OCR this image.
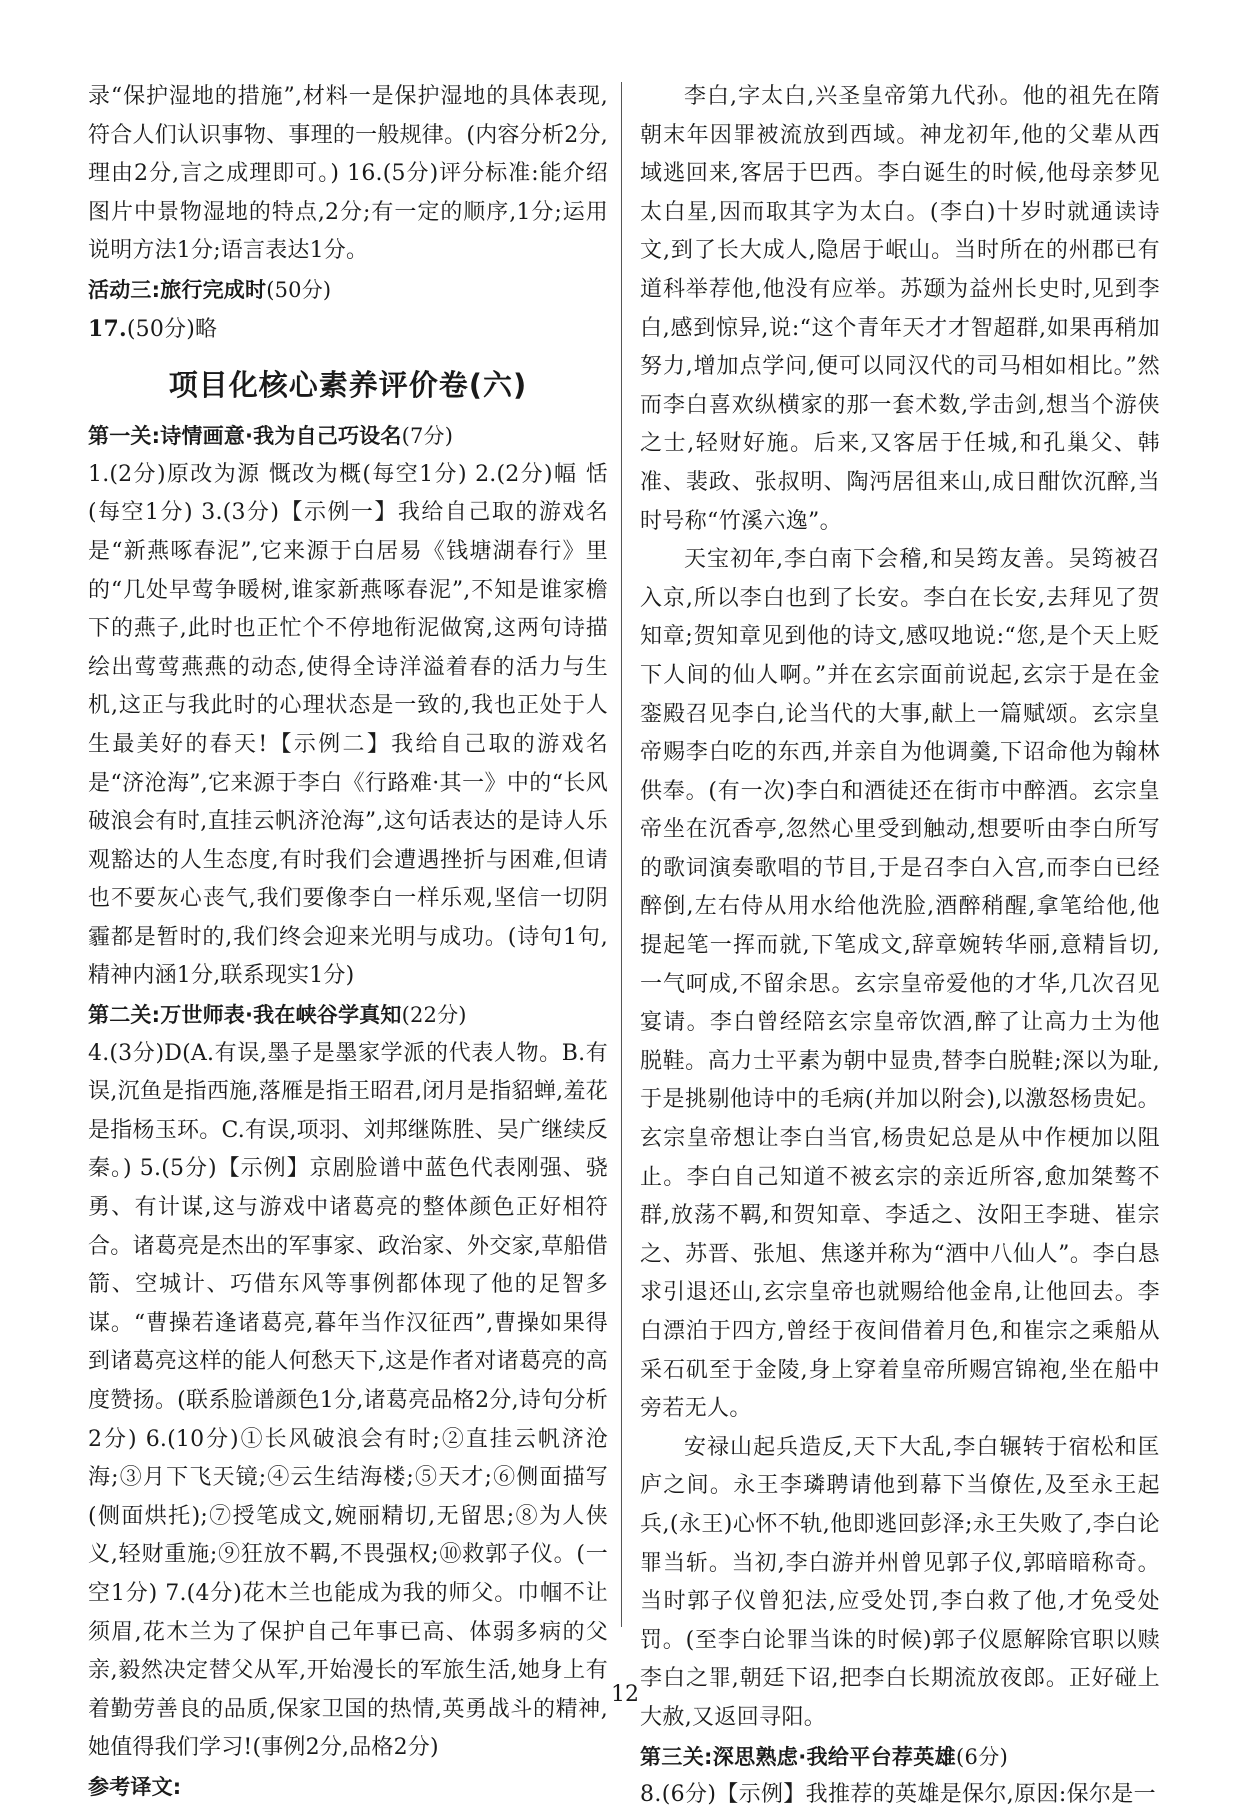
录“保护湿地的措施”,材料一是保护湿地的具体表现,符合人们认识事物、事理的一般规律。(内容分析2分,理由2分,言之成理即可。) 16.(5分)评分标准:能介绍图片中景物湿地的特点,2分;有一定的顺序,1分;运用说明方法1分;语言表达1分。

活动三:旅行完成时(50分)

17.(50分)略

项目化核心素养评价卷(六)

第一关:诗情画意·我为自己巧设名(7分)

1.(2分)原改为源 慨改为概(每空1分) 2.(2分)幅 恬(每空1分) 3.(3分)【示例一】我给自己取的游戏名是“新燕啄春泥”,它来源于白居易《钱塘湖春行》里的“几处早莺争暖树,谁家新燕啄春泥”,不知是谁家檐下的燕子,此时也正忙个不停地衔泥做窝,这两句诗描绘出莺莺燕燕的动态,使得全诗洋溢着春的活力与生机,这正与我此时的心理状态是一致的,我也正处于人生最美好的春天!【示例二】我给自己取的游戏名是“济沧海”,它来源于李白《行路难·其一》中的“长风破浪会有时,直挂云帆济沧海”,这句话表达的是诗人乐观豁达的人生态度,有时我们会遭遇挫折与困难,但请也不要灰心丧气,我们要像李白一样乐观,坚信一切阴霾都是暂时的,我们终会迎来光明与成功。(诗句1句,精神内涵1分,联系现实1分)

第二关:万世师表·我在峡谷学真知(22分)

4.(3分)D(A.有误,墨子是墨家学派的代表人物。B.有误,沉鱼是指西施,落雁是指王昭君,闭月是指貂蝉,羞花是指杨玉环。C.有误,项羽、刘邦继陈胜、吴广继续反秦。) 5.(5分)【示例】京剧脸谱中蓝色代表刚强、骁勇、有计谋,这与游戏中诸葛亮的整体颜色正好相符合。诸葛亮是杰出的军事家、政治家、外交家,草船借箭、空城计、巧借东风等事例都体现了他的足智多谋。“曹操若逢诸葛亮,暮年当作汉征西”,曹操如果得到诸葛亮这样的能人何愁天下,这是作者对诸葛亮的高度赞扬。(联系脸谱颜色1分,诸葛亮品格2分,诗句分析2分) 6.(10分)①长风破浪会有时;②直挂云帆济沧海;③月下飞天镜;④云生结海楼;⑤天才;⑥侧面描写(侧面烘托);⑦授笔成文,婉丽精切,无留思;⑧为人侠义,轻财重施;⑨狂放不羁,不畏强权;⑩救郭子仪。(一空1分) 7.(4分)花木兰也能成为我的师父。巾帼不让须眉,花木兰为了保护自己年事已高、体弱多病的父亲,毅然决定替父从军,开始漫长的军旅生活,她身上有着勤劳善良的品质,保家卫国的热情,英勇战斗的精神,她值得我们学习!(事例2分,品格2分)

参考译文:

李白,字太白,兴圣皇帝第九代孙。他的祖先在隋朝末年因罪被流放到西域。神龙初年,他的父辈从西域逃回来,客居于巴西。李白诞生的时候,他母亲梦见太白星,因而取其字为太白。(李白)十岁时就通读诗文,到了长大成人,隐居于岷山。当时所在的州郡已有道科举荐他,他没有应举。苏颋为益州长史时,见到李白,感到惊异,说:“这个青年天才才智超群,如果再稍加努力,增加点学问,便可以同汉代的司马相如相比。”然而李白喜欢纵横家的那一套术数,学击剑,想当个游侠之士,轻财好施。后来,又客居于任城,和孔巢父、韩准、裴政、张叔明、陶沔居徂来山,成日酣饮沉醉,当时号称“竹溪六逸”。

天宝初年,李白南下会稽,和吴筠友善。吴筠被召入京,所以李白也到了长安。李白在长安,去拜见了贺知章;贺知章见到他的诗文,感叹地说:“您,是个天上贬下人间的仙人啊。”并在玄宗面前说起,玄宗于是在金銮殿召见李白,论当代的大事,献上一篇赋颂。玄宗皇帝赐李白吃的东西,并亲自为他调羹,下诏命他为翰林供奉。(有一次)李白和酒徒还在街市中醉酒。玄宗皇帝坐在沉香亭,忽然心里受到触动,想要听由李白所写的歌词演奏歌唱的节目,于是召李白入宫,而李白已经醉倒,左右侍从用水给他洗脸,酒醉稍醒,拿笔给他,他提起笔一挥而就,下笔成文,辞章婉转华丽,意精旨切,一气呵成,不留余思。玄宗皇帝爱他的才华,几次召见宴请。李白曾经陪玄宗皇帝饮酒,醉了让高力士为他脱鞋。高力士平素为朝中显贵,替李白脱鞋;深以为耻,于是挑剔他诗中的毛病(并加以附会),以激怒杨贵妃。玄宗皇帝想让李白当官,杨贵妃总是从中作梗加以阻止。李白自己知道不被玄宗的亲近所容,愈加桀骜不群,放荡不羁,和贺知章、李适之、汝阳王李琎、崔宗之、苏晋、张旭、焦遂并称为“酒中八仙人”。李白恳求引退还山,玄宗皇帝也就赐给他金帛,让他回去。李白漂泊于四方,曾经于夜间借着月色,和崔宗之乘船从采石矶至于金陵,身上穿着皇帝所赐宫锦袍,坐在船中旁若无人。

安禄山起兵造反,天下大乱,李白辗转于宿松和匡庐之间。永王李璘聘请他到幕下当僚佐,及至永王起兵,(永王)心怀不轨,他即逃回彭泽;永王失败了,李白论罪当斩。当初,李白游并州曾见郭子仪,郭暗暗称奇。当时郭子仪曾犯法,应受处罚,李白救了他,才免受处罚。(至李白论罪当诛的时候)郭子仪愿解除官职以赎李白之罪,朝廷下诏,把李白长期流放夜郎。正好碰上大赦,又返回寻阳。

第三关:深思熟虑·我给平台荐英雄(6分)

8.(6分)【示例】我推荐的英雄是保尔,原因:保尔是一

12
